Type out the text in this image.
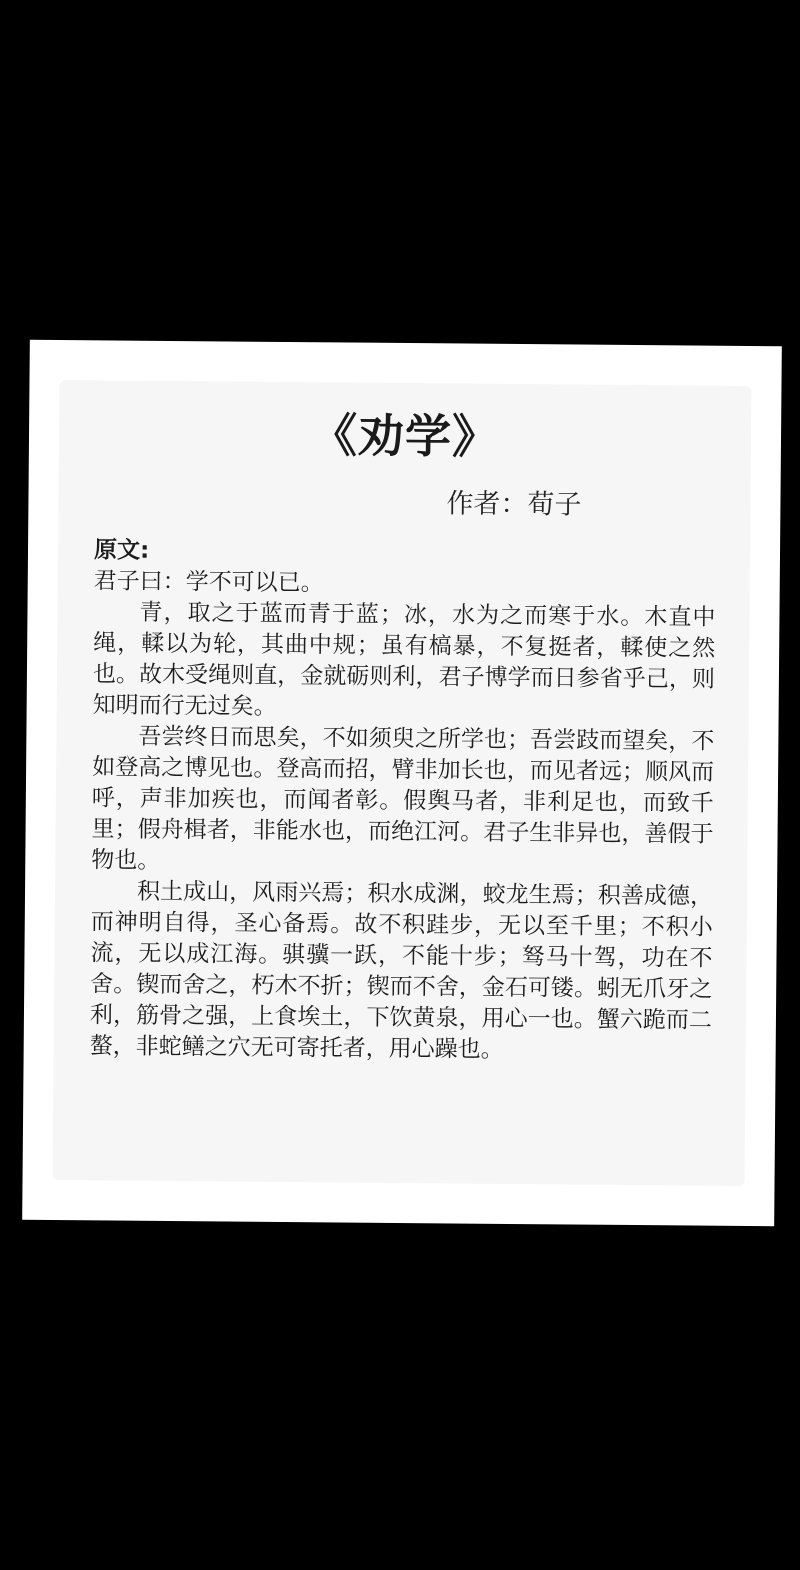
《劝学》
作者：荀子

原文:

君子曰：学不可以已。

青，取之于蓝而青于蓝；冰，水为之而寒于水。木直中绳，輮以为轮，其曲中规；虽有槁暴，不复挺者，輮使之然也。故木受绳则直，金就砺则利，君子博学而日参省乎己，则知明而行无过矣。

吾尝终日而思矣，不如须臾之所学也；吾尝跂而望矣，不如登高之博见也。登高而招，臂非加长也，而见者远；顺风而呼，声非加疾也，而闻者彰。假舆马者，非利足也，而致千里；假舟楫者，非能水也，而绝江河。君子生非异也，善假于物也。

积土成山，风雨兴焉；积水成渊，蛟龙生焉；积善成德，而神明自得，圣心备焉。故不积跬步，无以至千里；不积小流，无以成江海。骐骥一跃，不能十步；驽马十驾，功在不舍。锲而舍之，朽木不折；锲而不舍，金石可镂。蚓无爪牙之利，筋骨之强，上食埃土，下饮黄泉，用心一也。蟹六跪而二螯，非蛇鳝之穴无可寄托者，用心躁也。
